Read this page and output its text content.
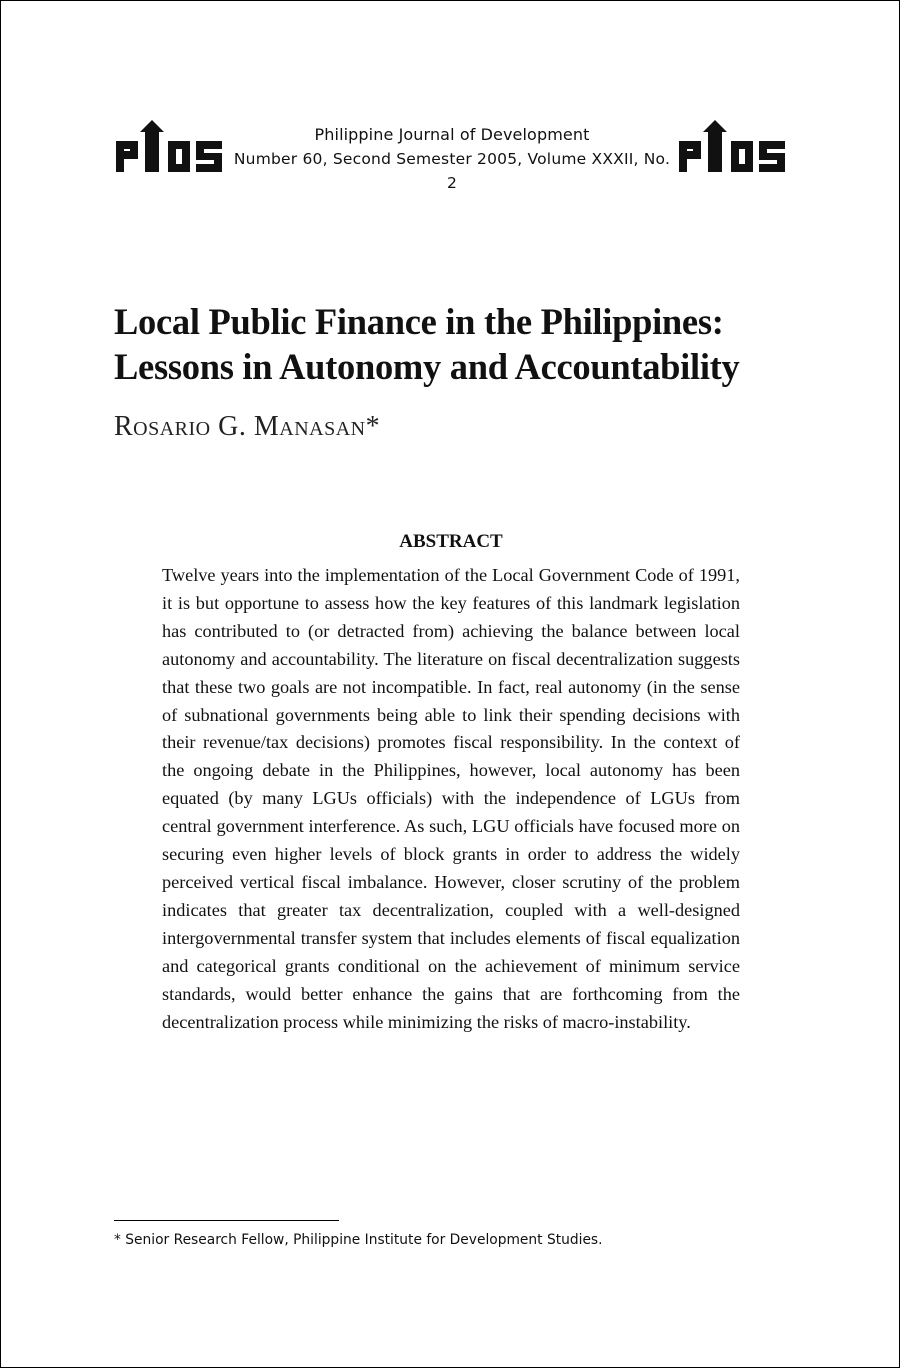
Philippine Journal of Development
Number 60, Second Semester 2005, Volume XXXII, No. 2
Local Public Finance in the Philippines:
Lessons in Autonomy and Accountability
Rosario G. Manasan*
ABSTRACT

Twelve years into the implementation of the Local Government Code of 1991, it is but opportune to assess how the key features of this landmark legislation has contributed to (or detracted from) achieving the balance between local autonomy and accountability. The literature on fiscal decentralization suggests that these two goals are not incompatible. In fact, real autonomy (in the sense of subnational governments being able to link their spending decisions with their revenue/tax decisions) promotes fiscal responsibility. In the context of the ongoing debate in the Philippines, however, local autonomy has been equated (by many LGUs officials) with the independence of LGUs from central government interference. As such, LGU officials have focused more on securing even higher levels of block grants in order to address the widely perceived vertical fiscal imbalance. However, closer scrutiny of the problem indicates that greater tax decentralization, coupled with a well-designed intergovernmental transfer system that includes elements of fiscal equalization and categorical grants conditional on the achievement of minimum service standards, would better enhance the gains that are forthcoming from the decentralization process while minimizing the risks of macro-instability.

* Senior Research Fellow, Philippine Institute for Development Studies.
